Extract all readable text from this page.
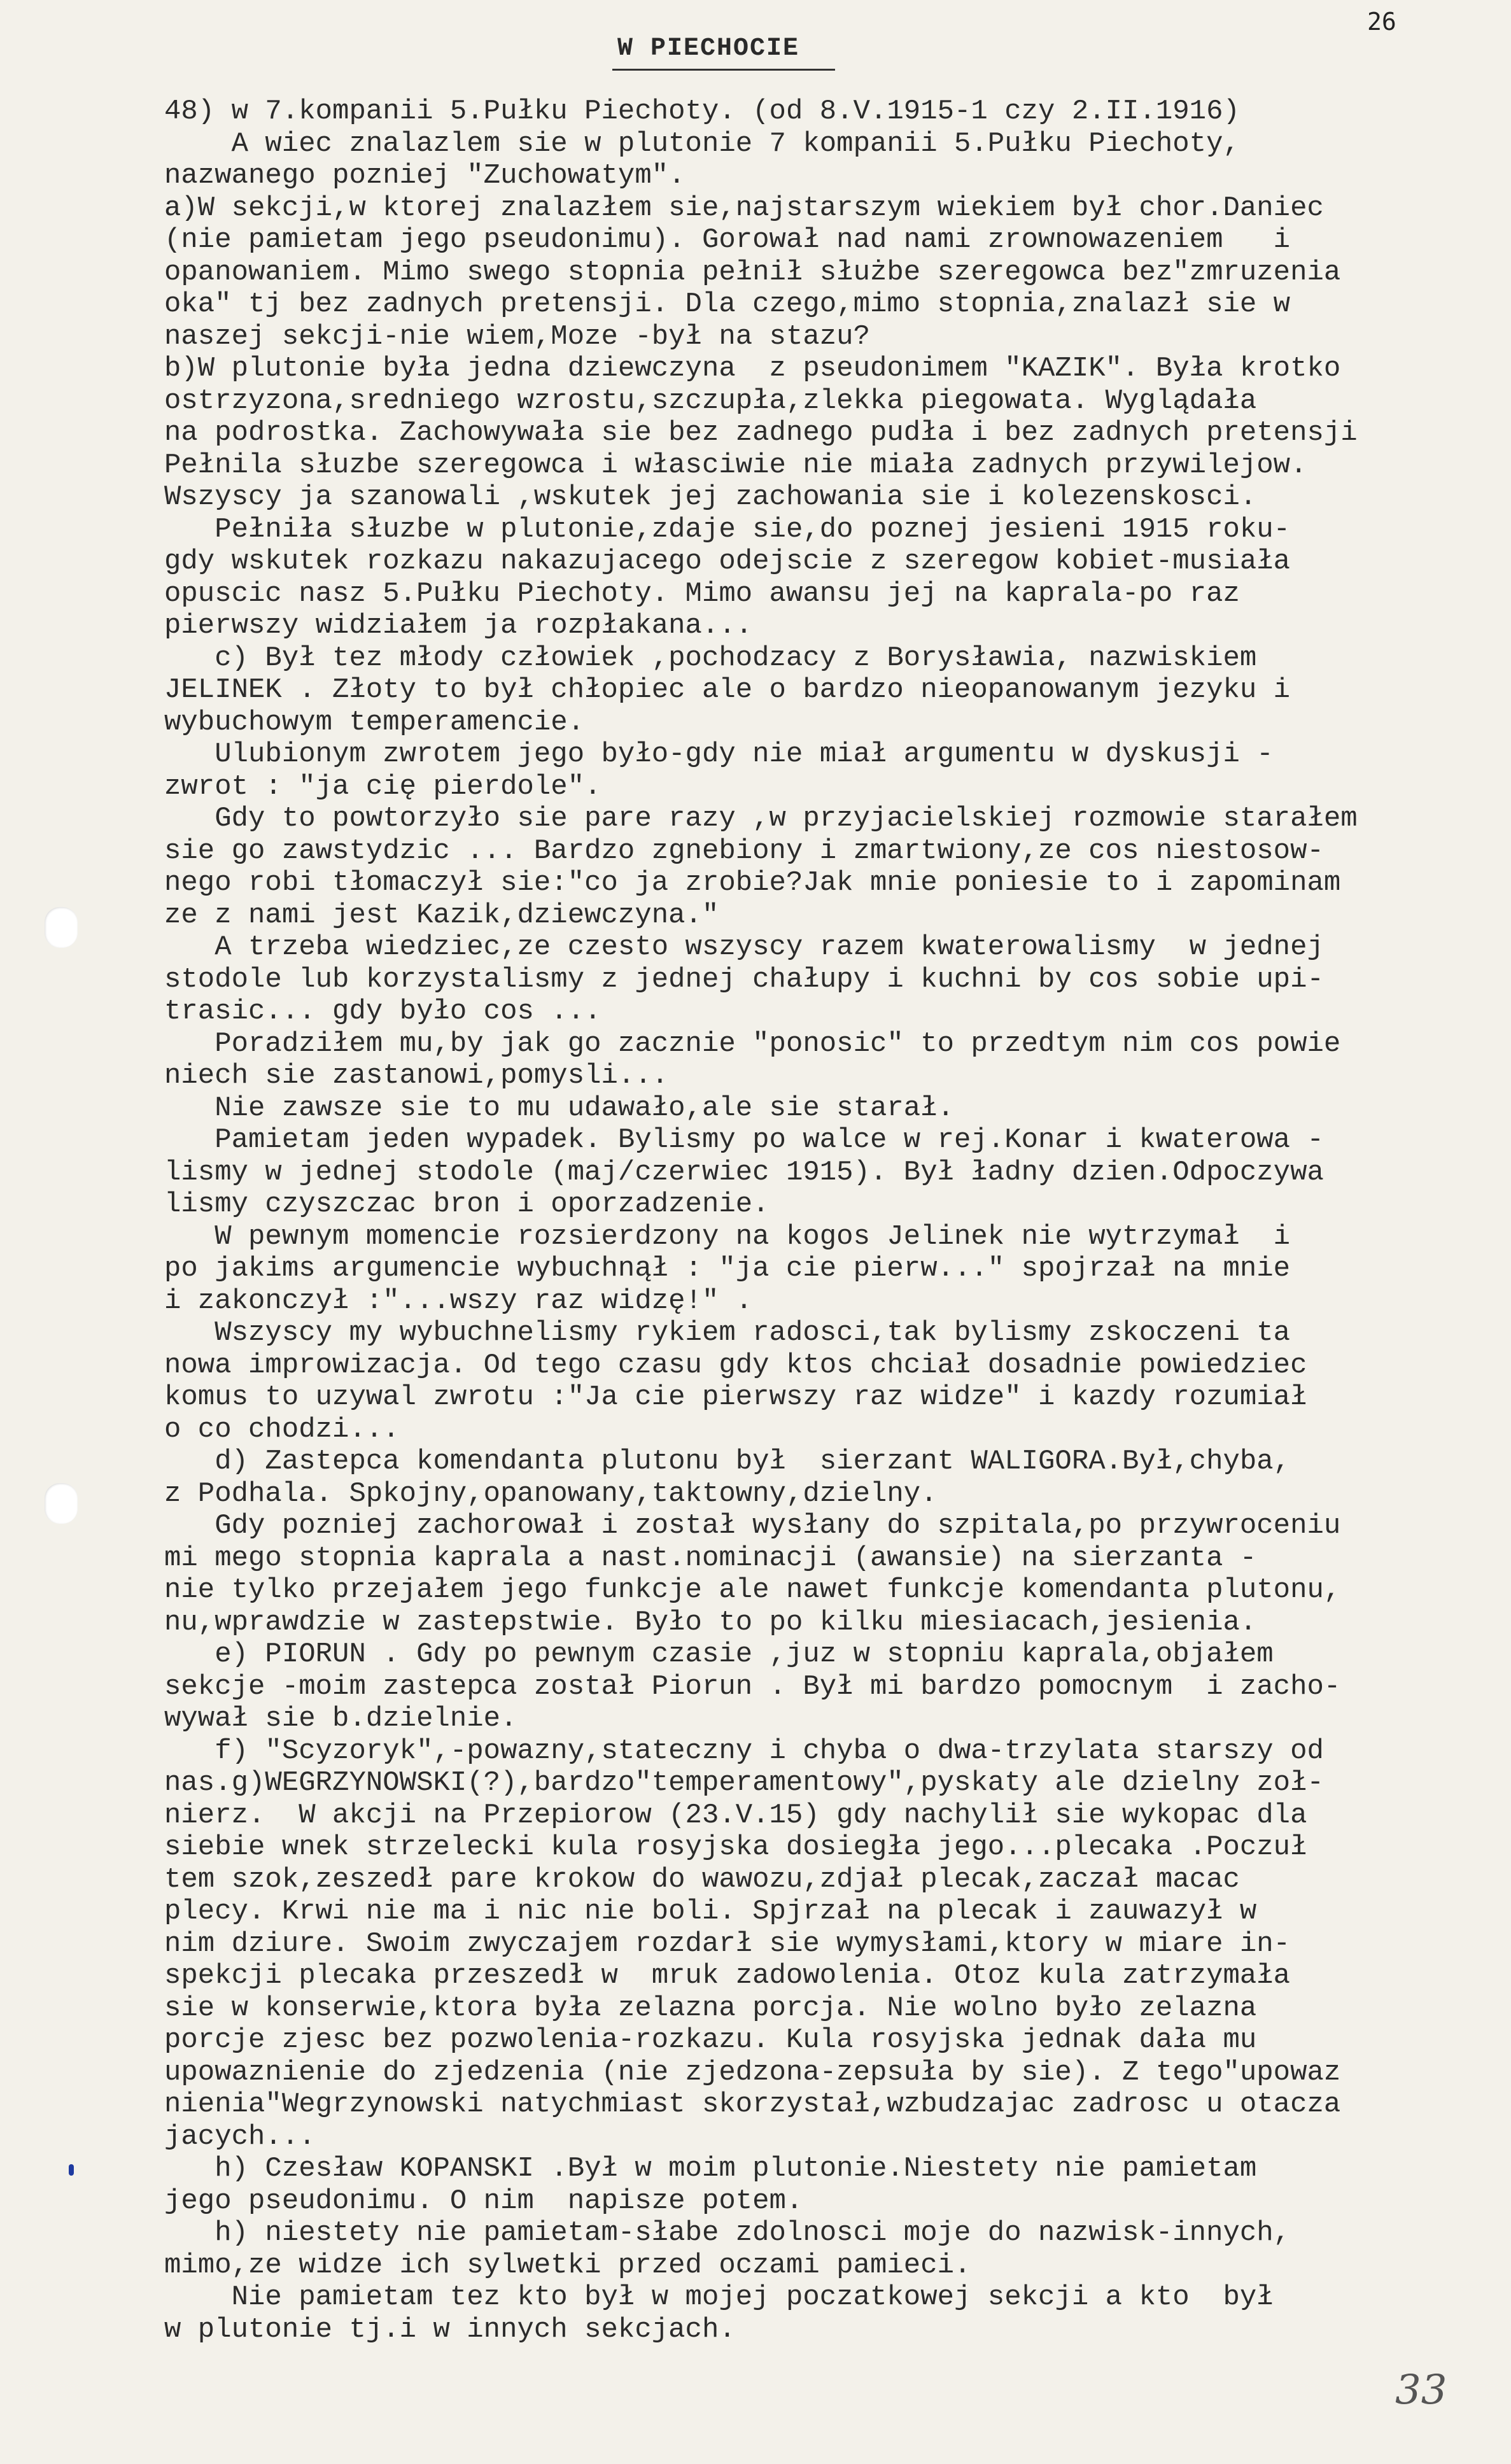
26
W PIECHOCIE
48) w 7.kompanii 5.Pułku Piechoty. (od 8.V.1915-1 czy 2.II.1916)
A wiec znalazlem sie w plutonie 7 kompanii 5.Pułku Piechoty,
nazwanego pozniej "Zuchowatym".
a)W sekcji,w ktorej znalazłem sie,najstarszym wiekiem był chor.Daniec
(nie pamietam jego pseudonimu). Gorował nad nami zrownowazeniem   i
opanowaniem. Mimo swego stopnia pełnił służbe szeregowca bez"zmruzenia
oka" tj bez zadnych pretensji. Dla czego,mimo stopnia,znalazł sie w
naszej sekcji-nie wiem,Moze -był na stazu?
b)W plutonie była jedna dziewczyna  z pseudonimem "KAZIK". Była krotko
ostrzyzona,sredniego wzrostu,szczupła,zlekka piegowata. Wyglądała
na podrostka. Zachowywała sie bez zadnego pudła i bez zadnych pretensji
Pełnila słuzbe szeregowca i własciwie nie miała zadnych przywilejow.
Wszyscy ja szanowali ,wskutek jej zachowania sie i kolezenskosci.
Pełniła słuzbe w plutonie,zdaje sie,do poznej jesieni 1915 roku-
gdy wskutek rozkazu nakazujacego odejscie z szeregow kobiet-musiała
opuscic nasz 5.Pułku Piechoty. Mimo awansu jej na kaprala-po raz
pierwszy widziałem ja rozpłakana...
c) Był tez młody człowiek ,pochodzacy z Borysławia, nazwiskiem
JELINEK . Złoty to był chłopiec ale o bardzo nieopanowanym jezyku i
wybuchowym temperamencie.
Ulubionym zwrotem jego było-gdy nie miał argumentu w dyskusji -
zwrot : "ja cię pierdole".
Gdy to powtorzyło sie pare razy ,w przyjacielskiej rozmowie starałem
sie go zawstydzic ... Bardzo zgnebiony i zmartwiony,ze cos niestosow-
nego robi tłomaczył sie:"co ja zrobie?Jak mnie poniesie to i zapominam
ze z nami jest Kazik,dziewczyna."
A trzeba wiedziec,ze czesto wszyscy razem kwaterowalismy  w jednej
stodole lub korzystalismy z jednej chałupy i kuchni by cos sobie upi-
trasic... gdy było cos ...
Poradziłem mu,by jak go zacznie "ponosic" to przedtym nim cos powie
niech sie zastanowi,pomysli...
Nie zawsze sie to mu udawało,ale sie starał.
Pamietam jeden wypadek. Bylismy po walce w rej.Konar i kwaterowa -
lismy w jednej stodole (maj/czerwiec 1915). Był ładny dzien.Odpoczywa
lismy czyszczac bron i oporzadzenie.
W pewnym momencie rozsierdzony na kogos Jelinek nie wytrzymał  i
po jakims argumencie wybuchnął : "ja cie pierw..." spojrzał na mnie
i zakonczył :"...wszy raz widzę!" .
Wszyscy my wybuchnelismy rykiem radosci,tak bylismy zskoczeni ta
nowa improwizacja. Od tego czasu gdy ktos chciał dosadnie powiedziec
komus to uzywal zwrotu :"Ja cie pierwszy raz widze" i kazdy rozumiał
o co chodzi...
d) Zastepca komendanta plutonu był  sierzant WALIGORA.Był,chyba,
z Podhala. Spkojny,opanowany,taktowny,dzielny.
Gdy pozniej zachorował i został wysłany do szpitala,po przywroceniu
mi mego stopnia kaprala a nast.nominacji (awansie) na sierzanta -
nie tylko przejałem jego funkcje ale nawet funkcje komendanta plutonu,
nu,wprawdzie w zastepstwie. Było to po kilku miesiacach,jesienia.
e) PIORUN . Gdy po pewnym czasie ,juz w stopniu kaprala,objałem
sekcje -moim zastepca został Piorun . Był mi bardzo pomocnym  i zacho-
wywał sie b.dzielnie.
f) "Scyzoryk",-powazny,stateczny i chyba o dwa-trzylata starszy od
nas.g)WEGRZYNOWSKI(?),bardzo"temperamentowy",pyskaty ale dzielny zoł-
nierz.  W akcji na Przepiorow (23.V.15) gdy nachylił sie wykopac dla
siebie wnek strzelecki kula rosyjska dosiegła jego...plecaka .Poczuł
tem szok,zeszedł pare krokow do wawozu,zdjał plecak,zaczał macac
plecy. Krwi nie ma i nic nie boli. Spjrzał na plecak i zauwazył w
nim dziure. Swoim zwyczajem rozdarł sie wymysłami,ktory w miare in-
spekcji plecaka przeszedł w  mruk zadowolenia. Otoz kula zatrzymała
sie w konserwie,ktora była zelazna porcja. Nie wolno było zelazna
porcje zjesc bez pozwolenia-rozkazu. Kula rosyjska jednak dała mu
upowaznienie do zjedzenia (nie zjedzona-zepsuła by sie). Z tego"upowaz
nienia"Wegrzynowski natychmiast skorzystał,wzbudzajac zadrosc u otacza
jacych...
h) Czesław KOPANSKI .Był w moim plutonie.Niestety nie pamietam
jego pseudonimu. O nim  napisze potem.
h) niestety nie pamietam-słabe zdolnosci moje do nazwisk-innych,
mimo,ze widze ich sylwetki przed oczami pamieci.
Nie pamietam tez kto był w mojej poczatkowej sekcji a kto  był
w plutonie tj.i w innych sekcjach.
33
